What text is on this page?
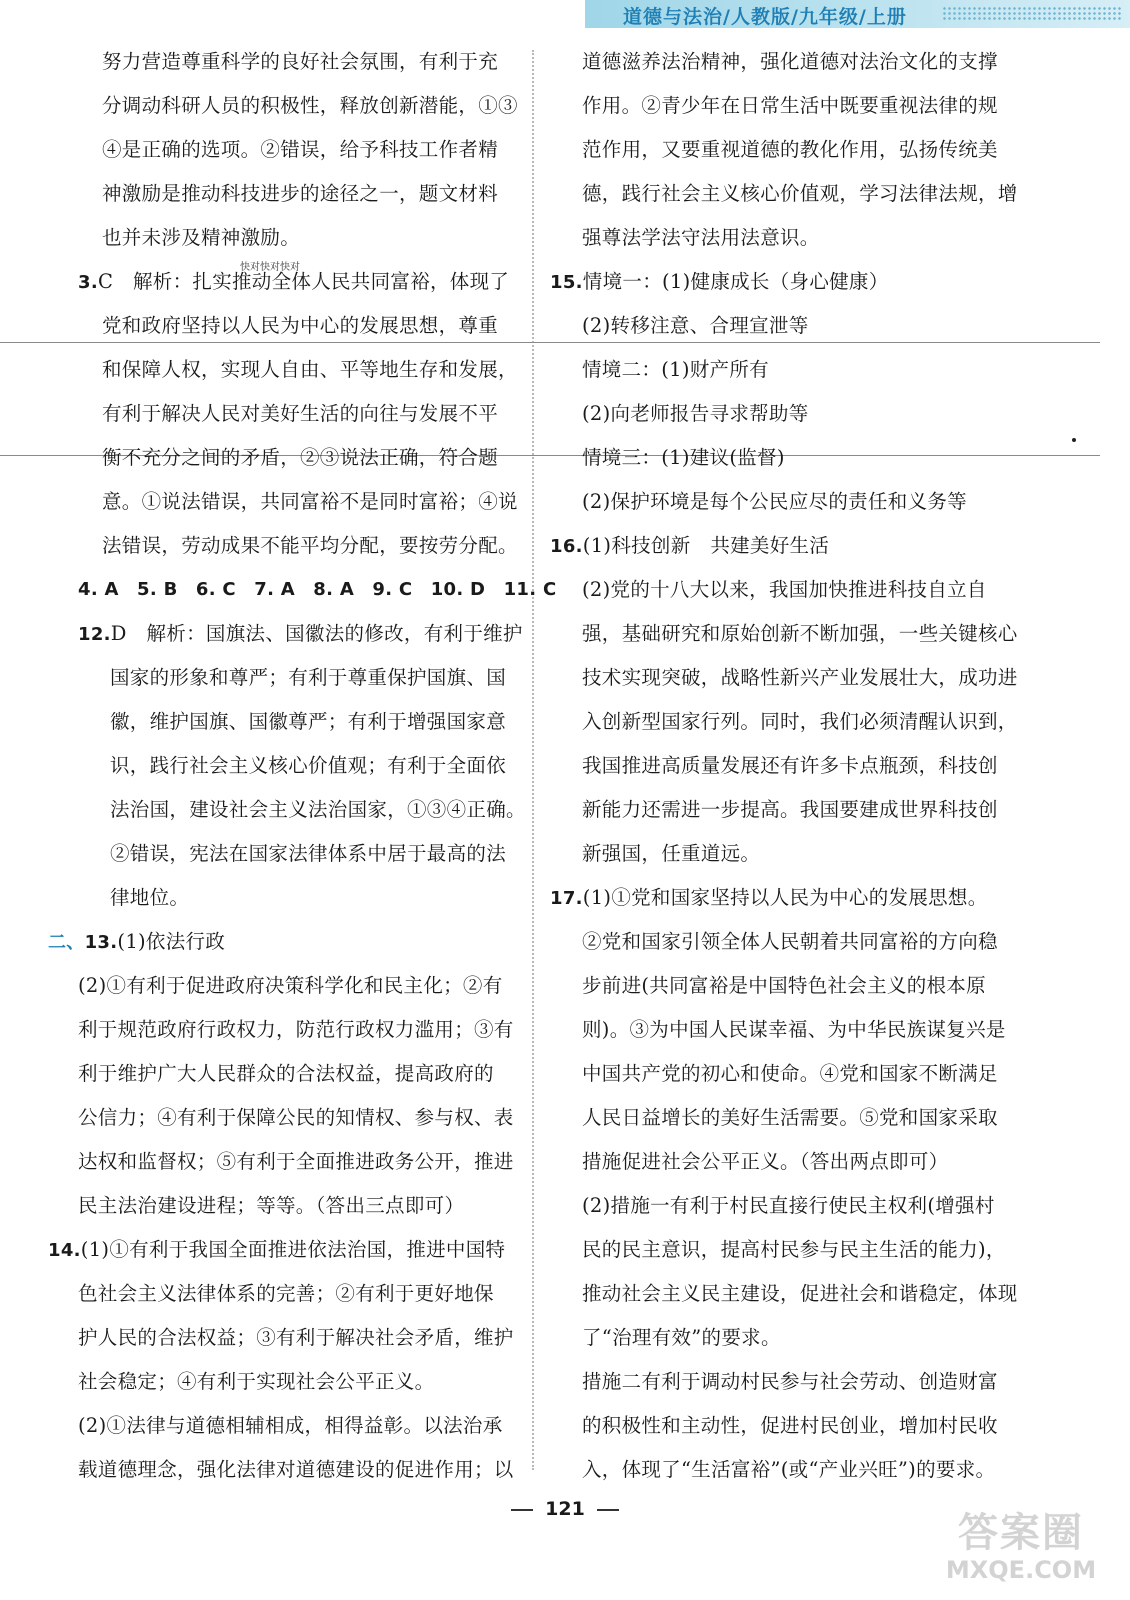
道德与法治/人教版/九年级/上册
快对快对快对
努力营造尊重科学的良好社会氛围，有利于充
分调动科研人员的积极性，释放创新潜能，①③
④是正确的选项。②错误，给予科技工作者精
神激励是推动科技进步的途径之一，题文材料
也并未涉及精神激励。
3.C　解析：扎实推动全体人民共同富裕，体现了
党和政府坚持以人民为中心的发展思想，尊重
和保障人权，实现人自由、平等地生存和发展，
有利于解决人民对美好生活的向往与发展不平
衡不充分之间的矛盾，②③说法正确，符合题
意。①说法错误，共同富裕不是同时富裕；④说
法错误，劳动成果不能平均分配，要按劳分配。
4. A　5. B　6. C　7. A　8. A　9. C　10. D　11. C
12.D　解析：国旗法、国徽法的修改，有利于维护
国家的形象和尊严；有利于尊重保护国旗、国
徽，维护国旗、国徽尊严；有利于增强国家意
识，践行社会主义核心价值观；有利于全面依
法治国，建设社会主义法治国家，①③④正确。
②错误，宪法在国家法律体系中居于最高的法
律地位。
二、13.(1)依法行政
(2)①有利于促进政府决策科学化和民主化；②有
利于规范政府行政权力，防范行政权力滥用；③有
利于维护广大人民群众的合法权益，提高政府的
公信力；④有利于保障公民的知情权、参与权、表
达权和监督权；⑤有利于全面推进政务公开，推进
民主法治建设进程；等等。（答出三点即可）
14.(1)①有利于我国全面推进依法治国，推进中国特
色社会主义法律体系的完善；②有利于更好地保
护人民的合法权益；③有利于解决社会矛盾，维护
社会稳定；④有利于实现社会公平正义。
(2)①法律与道德相辅相成，相得益彰。以法治承
载道德理念，强化法律对道德建设的促进作用；以
道德滋养法治精神，强化道德对法治文化的支撑
作用。②青少年在日常生活中既要重视法律的规
范作用，又要重视道德的教化作用，弘扬传统美
德，践行社会主义核心价值观，学习法律法规，增
强尊法学法守法用法意识。
15.情境一：(1)健康成长（身心健康）
(2)转移注意、合理宣泄等
情境二：(1)财产所有
(2)向老师报告寻求帮助等
情境三：(1)建议(监督)
(2)保护环境是每个公民应尽的责任和义务等
16.(1)科技创新　共建美好生活
(2)党的十八大以来，我国加快推进科技自立自
强，基础研究和原始创新不断加强，一些关键核心
技术实现突破，战略性新兴产业发展壮大，成功进
入创新型国家行列。同时，我们必须清醒认识到，
我国推进高质量发展还有许多卡点瓶颈，科技创
新能力还需进一步提高。我国要建成世界科技创
新强国，任重道远。
17.(1)①党和国家坚持以人民为中心的发展思想。
②党和国家引领全体人民朝着共同富裕的方向稳
步前进(共同富裕是中国特色社会主义的根本原
则)。③为中国人民谋幸福、为中华民族谋复兴是
中国共产党的初心和使命。④党和国家不断满足
人民日益增长的美好生活需要。⑤党和国家采取
措施促进社会公平正义。（答出两点即可）
(2)措施一有利于村民直接行使民主权利(增强村
民的民主意识，提高村民参与民主生活的能力)，
推动社会主义民主建设，促进社会和谐稳定，体现
了“治理有效”的要求。
措施二有利于调动村民参与社会劳动、创造财富
的积极性和主动性，促进村民创业，增加村民收
入，体现了“生活富裕”(或“产业兴旺”)的要求。
121
答案圈
MXQE.COM
